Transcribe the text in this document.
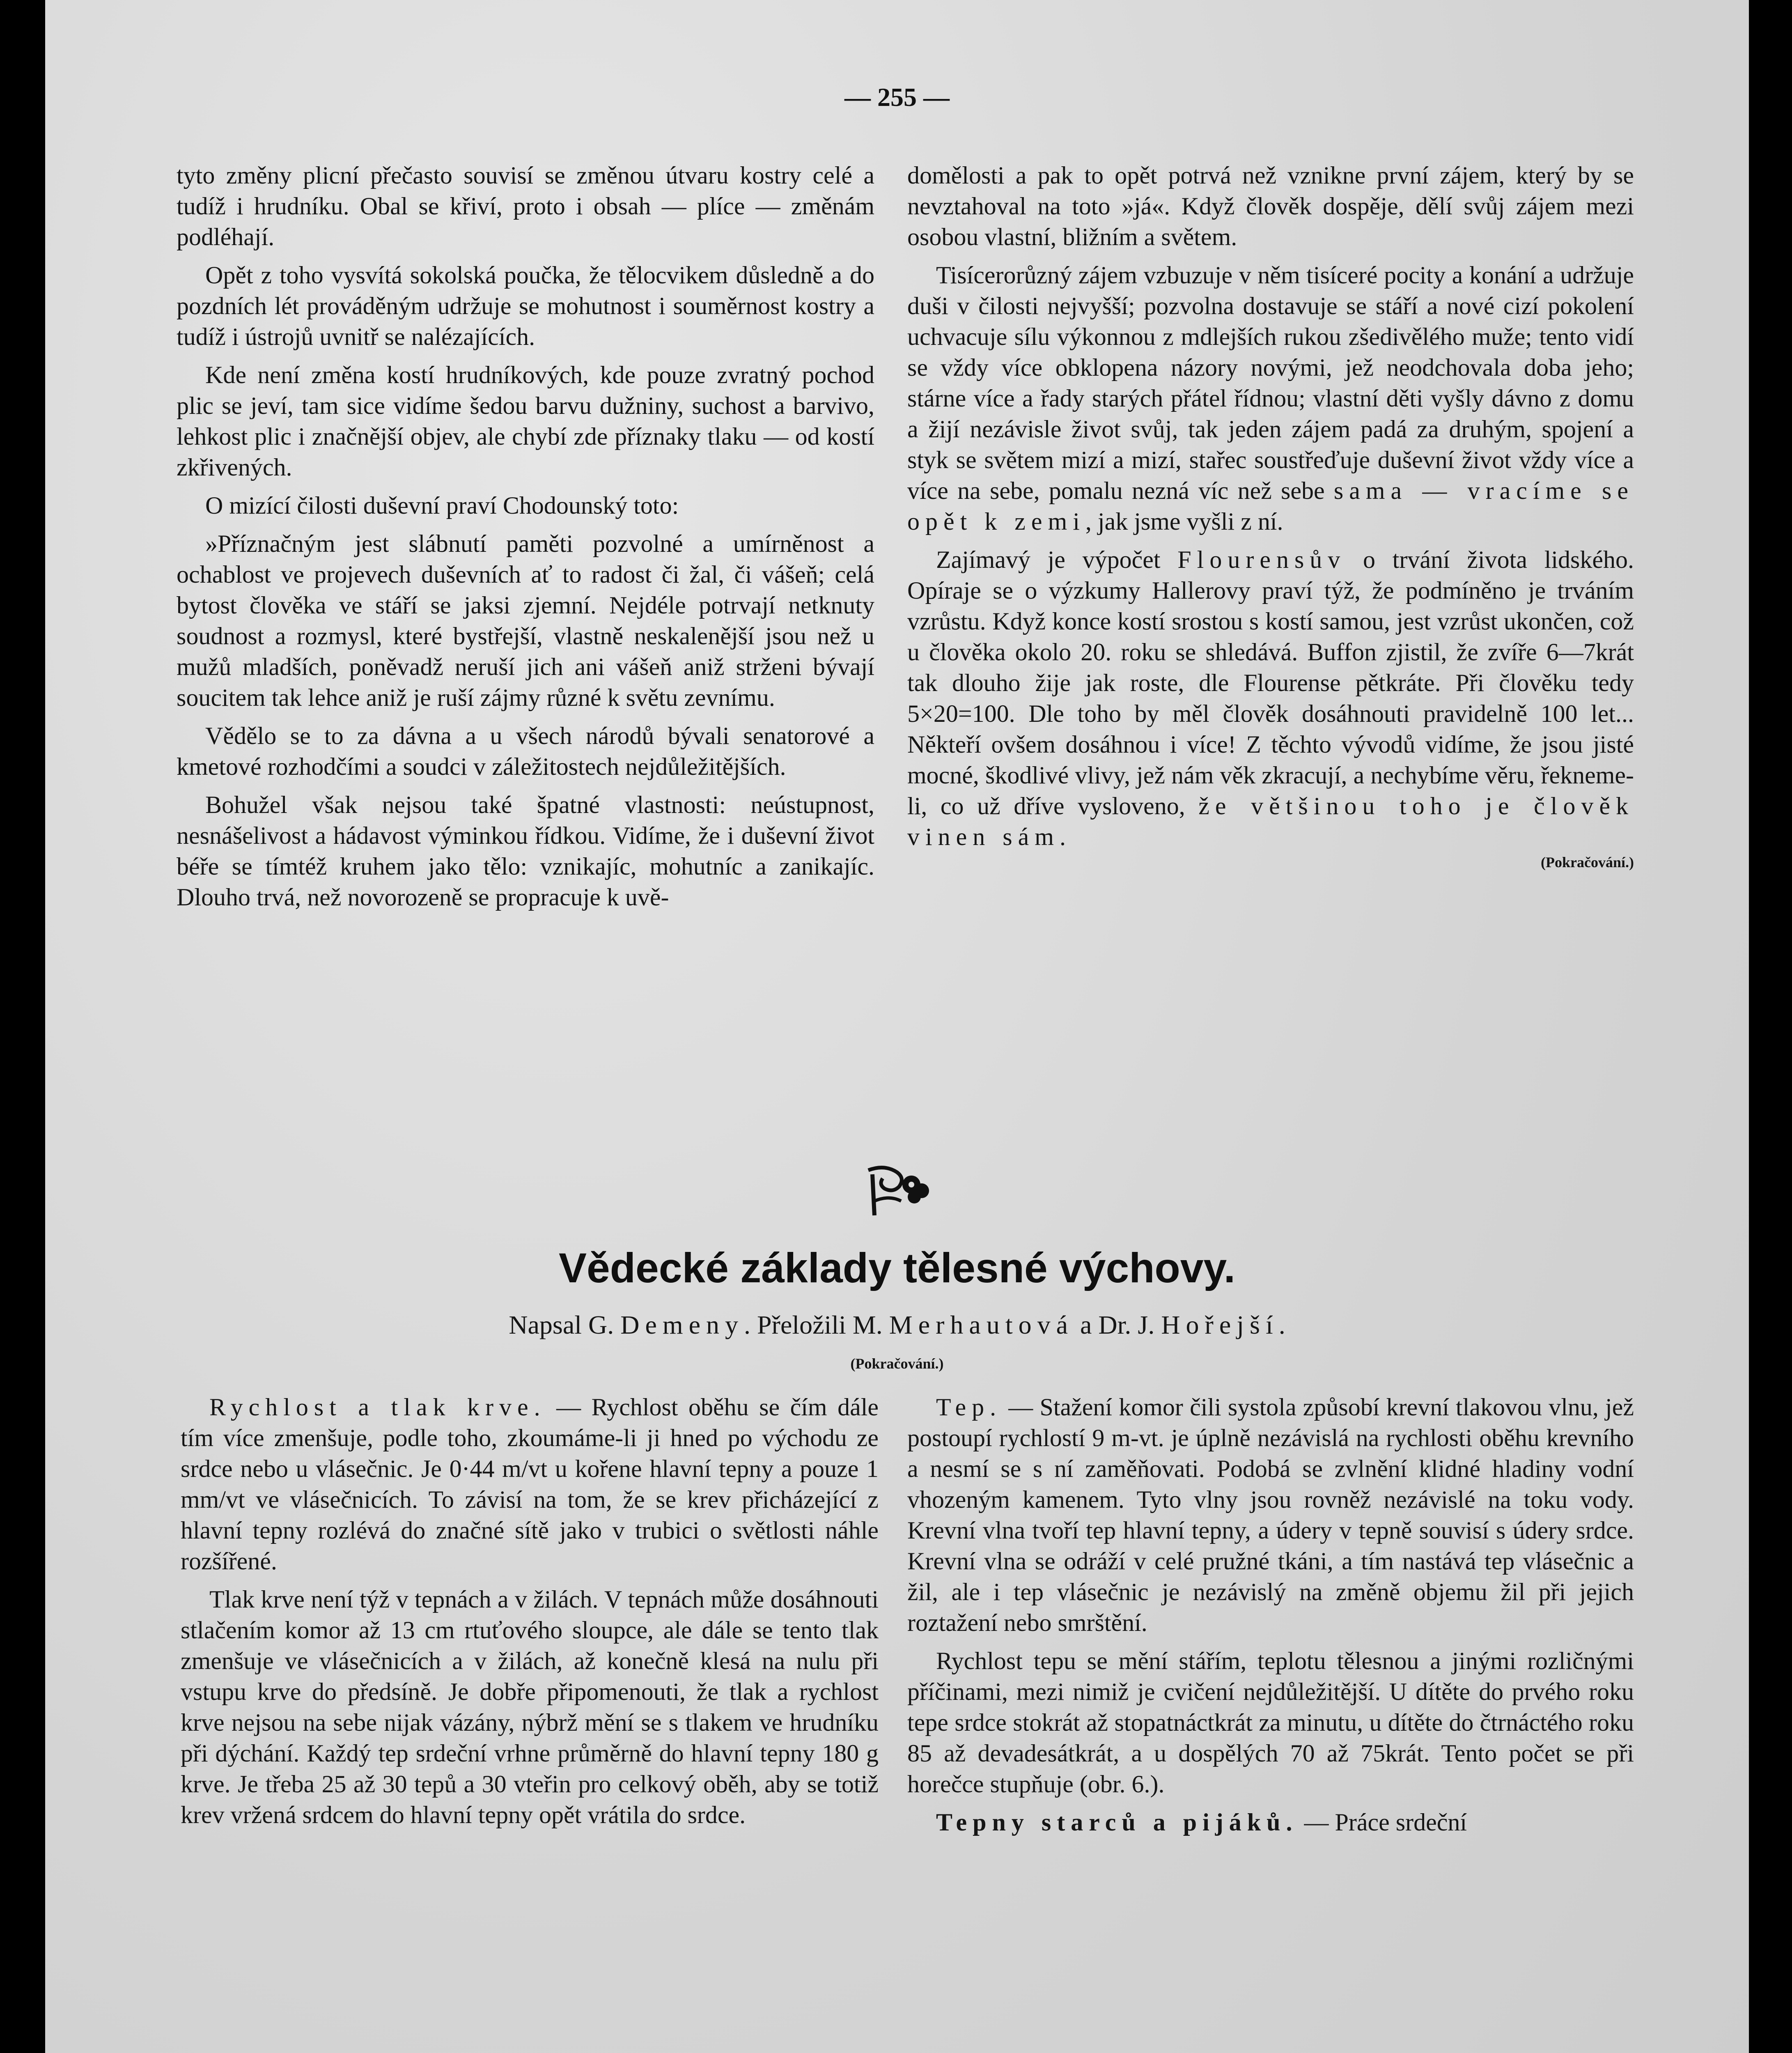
— 255 —

tyto změny plicní přečasto souvisí se změnou útvaru kostry celé a tudíž i hrudníku. Obal se křiví, proto i obsah — plíce — změnám podléhají.

Opět z toho vysvítá sokolská poučka, že tělocvikem důsledně a do pozdních lét prováděným udržuje se mohutnost i souměrnost kostry a tudíž i ústrojů uvnitř se nalézajících.

Kde není změna kostí hrudníkových, kde pouze zvratný pochod plic se jeví, tam sice vidíme šedou barvu dužniny, suchost a barvivo, lehkost plic i značnější objev, ale chybí zde příznaky tlaku — od kostí zkřivených.

O mizící čilosti duševní praví Chodounský toto:

»Příznačným jest slábnutí paměti pozvolné a umírněnost a ochablost ve projevech duševních ať to radost či žal, či vášeň; celá bytost člověka ve stáří se jaksi zjemní. Nejdéle potrvají netknuty soudnost a rozmysl, které bystřejší, vlastně neskalenější jsou než u mužů mladších, poněvadž neruší jich ani vášeň aniž strženi bývají soucitem tak lehce aniž je ruší zájmy různé k světu zevnímu.

Vědělo se to za dávna a u všech národů bývali senatorové a kmetové rozhodčími a soudci v záležitostech nejdůležitějších.

Bohužel však nejsou také špatné vlastnosti: neústupnost, nesnášelivost a hádavost výminkou řídkou. Vidíme, že i duševní život béře se tímtéž kruhem jako tělo: vznikajíc, mohutníc a zanikajíc. Dlouho trvá, než novorozeně se propracuje k uvě-

domělosti a pak to opět potrvá než vznikne první zájem, který by se nevztahoval na toto »já«. Když člověk dospěje, dělí svůj zájem mezi osobou vlastní, bližním a světem.

Tisícerorůzný zájem vzbuzuje v něm tisíceré pocity a konání a udržuje duši v čilosti nejvyšší; pozvolna dostavuje se stáří a nové cizí pokolení uchvacuje sílu výkonnou z mdlejších rukou zšedivělého muže; tento vidí se vždy více obklopena názory novými, jež neodchovala doba jeho; stárne více a řady starých přátel řídnou; vlastní děti vyšly dávno z domu a žijí nezávisle život svůj, tak jeden zájem padá za druhým, spojení a styk se světem mizí a mizí, stařec soustřeďuje duševní život vždy více a více na sebe, pomalu nezná víc než sebe sama — vracíme se opět k zemi, jak jsme vyšli z ní.

Zajímavý je výpočet Flourensův o trvání života lidského. Opíraje se o výzkumy Hallerovy praví týž, že podmíněno je trváním vzrůstu. Když konce kostí srostou s kostí samou, jest vzrůst ukončen, což u člověka okolo 20. roku se shledává. Buffon zjistil, že zvíře 6—7krát tak dlouho žije jak roste, dle Flourense pětkráte. Při člověku tedy 5×20=100. Dle toho by měl člověk dosáhnouti pravidelně 100 let... Někteří ovšem dosáhnou i více! Z těchto vývodů vidíme, že jsou jisté mocné, škodlivé vlivy, jež nám věk zkracují, a nechybíme věru, řekneme-li, co už dříve vysloveno, že většinou toho je člověk vinen sám.

(Pokračování.)
Vědecké základy tělesné výchovy.
Napsal G. Demeny. Přeložili M. Merhautová a Dr. J. Hořejší.
(Pokračování.)

Rychlost a tlak krve. — Rychlost oběhu se čím dále tím více zmenšuje, podle toho, zkoumáme-li ji hned po východu ze srdce nebo u vlásečnic. Je 0·44 m/vt u kořene hlavní tepny a pouze 1 mm/vt ve vlásečnicích. To závisí na tom, že se krev přicházející z hlavní tepny rozlévá do značné sítě jako v trubici o světlosti náhle rozšířené.

Tlak krve není týž v tepnách a v žilách. V tepnách může dosáhnouti stlačením komor až 13 cm rtuťového sloupce, ale dále se tento tlak zmenšuje ve vlásečnicích a v žilách, až konečně klesá na nulu při vstupu krve do předsíně. Je dobře připomenouti, že tlak a rychlost krve nejsou na sebe nijak vázány, nýbrž mění se s tlakem ve hrudníku při dýchání. Každý tep srdeční vrhne průměrně do hlavní tepny 180 g krve. Je třeba 25 až 30 tepů a 30 vteřin pro celkový oběh, aby se totiž krev vržená srdcem do hlavní tepny opět vrátila do srdce.

Tep. — Stažení komor čili systola způsobí krevní tlakovou vlnu, jež postoupí rychlostí 9 m-vt. je úplně nezávislá na rychlosti oběhu krevního a nesmí se s ní zaměňovati. Podobá se zvlnění klidné hladiny vodní vhozeným kamenem. Tyto vlny jsou rovněž nezávislé na toku vody. Krevní vlna tvoří tep hlavní tepny, a údery v tepně souvisí s údery srdce. Krevní vlna se odráží v celé pružné tkáni, a tím nastává tep vlásečnic a žil, ale i tep vlásečnic je nezávislý na změně objemu žil při jejich roztažení nebo smrštění.

Rychlost tepu se mění stářím, teplotu tělesnou a jinými rozličnými příčinami, mezi nimiž je cvičení nejdůležitější. U dítěte do prvého roku tepe srdce stokrát až stopatnáctkrát za minutu, u dítěte do čtrnáctého roku 85 až devadesátkrát, a u dospělých 70 až 75krát. Tento počet se při horečce stupňuje (obr. 6.).

Tepny starců a pijáků. — Práce srdeční
